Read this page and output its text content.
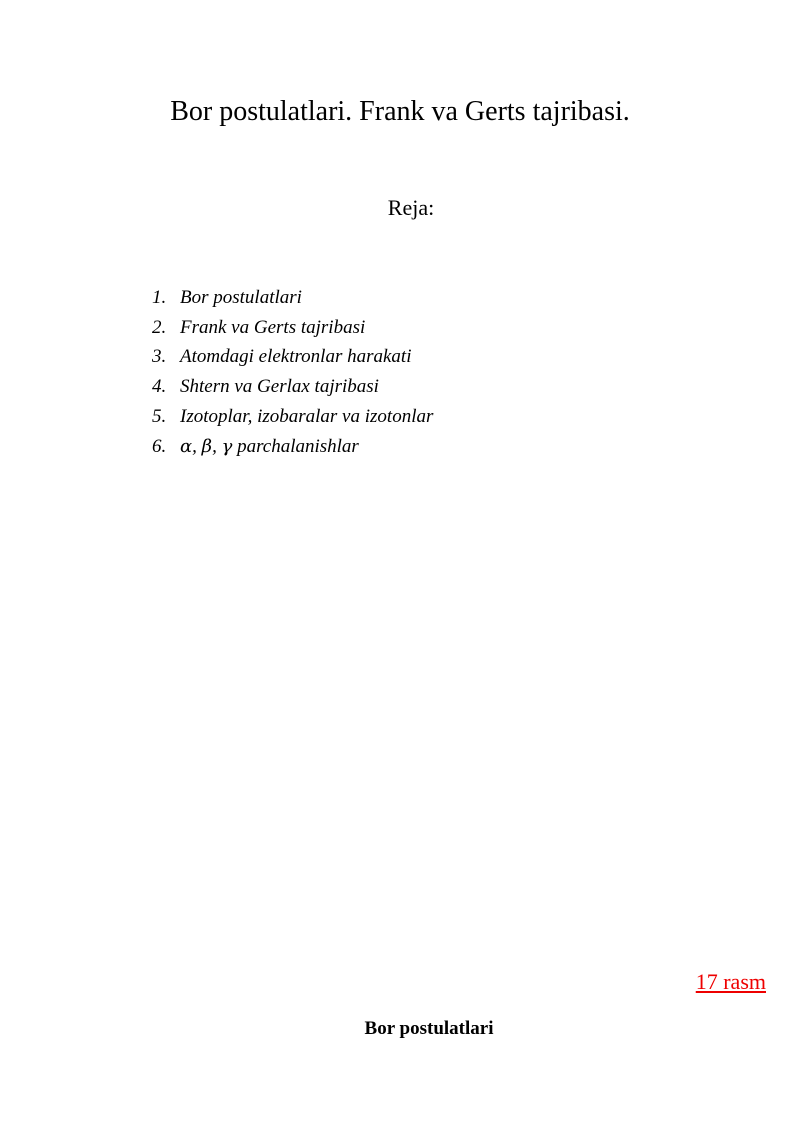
Bor postulatlari. Frank va Gerts tajribasi.
Reja:
1. Bor postulatlari
2. Frank va Gerts tajribasi
3. Atomdagi elektronlar harakati
4. Shtern va Gerlax tajribasi
5. Izotoplar, izobaralar va izotonlar
6. α, β, γ parchalanishlar
17 rasm
Bor postulatlari
